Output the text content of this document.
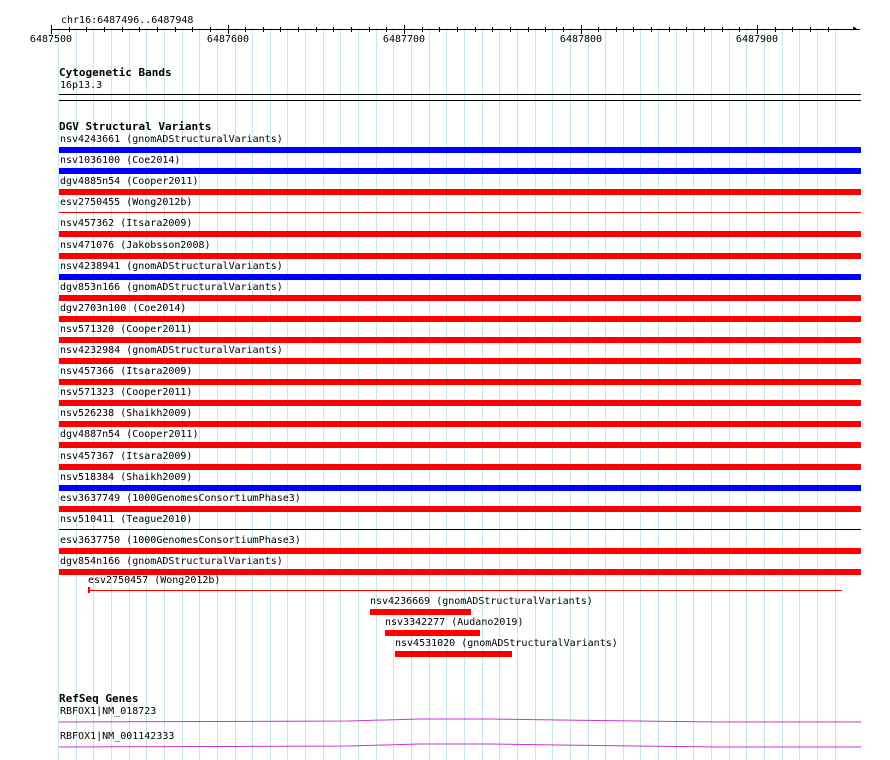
chr16:6487496..6487948
▸
6487500	6487600	6487700	6487800	6487900
Cytogenetic Bands
16p13.3
DGV Structural Variants
nsv4243661 (gnomADStructuralVariants)
nsv1036100 (Coe2014)
dgv4885n54 (Cooper2011)
esv2750455 (Wong2012b)
nsv457362 (Itsara2009)
nsv471076 (Jakobsson2008)
nsv4238941 (gnomADStructuralVariants)
dgv853n166 (gnomADStructuralVariants)
dgv2703n100 (Coe2014)
nsv571320 (Cooper2011)
nsv4232984 (gnomADStructuralVariants)
nsv457366 (Itsara2009)
nsv571323 (Cooper2011)
nsv526238 (Shaikh2009)
dgv4887n54 (Cooper2011)
nsv457367 (Itsara2009)
nsv518384 (Shaikh2009)
esv3637749 (1000GenomesConsortiumPhase3)
nsv510411 (Teague2010)
esv3637750 (1000GenomesConsortiumPhase3)
dgv854n166 (gnomADStructuralVariants)
esv2750457 (Wong2012b)
nsv4236669 (gnomADStructuralVariants)
nsv3342277 (Audano2019)
nsv4531020 (gnomADStructuralVariants)
RefSeq Genes
RBFOX1|NM_018723
RBFOX1|NM_001142333
